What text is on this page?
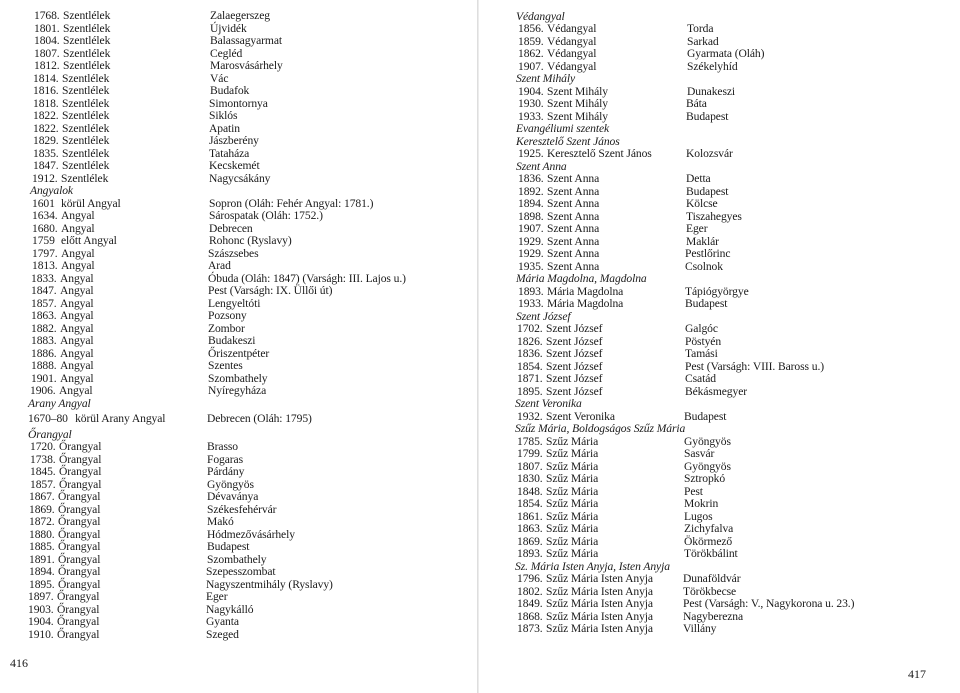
1768. Szentlélek	Zalaegerszeg
1801. Szentlélek	Újvidék
1804. Szentlélek	Balassagyarmat
1807. Szentlélek	Cegléd
1812. Szentlélek	Marosvásárhely
1814. Szentlélek	Vác
1816. Szentlélek	Budafok
1818. Szentlélek	Simontornya
1822. Szentlélek	Siklós
1822. Szentlélek	Apatin
1829. Szentlélek	Jászberény
1835. Szentlélek	Tataháza
1847. Szentlélek	Kecskemét
1912. Szentlélek	Nagycsákány
Angyalok
1601 körül Angyal	Sopron (Oláh: Fehér Angyal: 1781.)
1634. Angyal	Sárospatak (Oláh: 1752.)
1680. Angyal	Debrecen
1759 előtt Angyal	Rohonc (Ryslavy)
1797. Angyal	Szászsebes
1813. Angyal	Arad
1833. Angyal	Óbuda (Oláh: 1847) (Varságh: III. Lajos u.)
1847. Angyal	Pest (Varságh: IX. Üllői út)
1857. Angyal	Lengyeltóti
1863. Angyal	Pozsony
1882. Angyal	Zombor
1883. Angyal	Budakeszi
1886. Angyal	Őriszentpéter
1888. Angyal	Szentes
1901. Angyal	Szombathely
1906. Angyal	Nyíregyháza
Arany Angyal
1670–80 körül Arany Angyal	Debrecen (Oláh: 1795)
Őrangyal
1720. Őrangyal	Brasso
1738. Őrangyal	Fogaras
1845. Őrangyal	Párdány
1857. Őrangyal	Gyöngyös
1867. Őrangyal	Dévaványa
1869. Őrangyal	Székesfehérvár
1872. Őrangyal	Makó
1880. Őrangyal	Hódmezővásárhely
1885. Őrangyal	Budapest
1891. Őrangyal	Szombathely
1894. Őrangyal	Szepesszombat
1895. Őrangyal	Nagyszentmihály (Ryslavy)
1897. Őrangyal	Eger
1903. Őrangyal	Nagykálló
1904. Őrangyal	Gyanta
1910. Őrangyal	Szeged
416
Védangyal
1856. Védangyal	Torda
1859. Védangyal	Sarkad
1862. Védangyal	Gyarmata (Oláh)
1907. Védangyal	Székelyhíd
Szent Mihály
1904. Szent Mihály	Dunakeszi
1930. Szent Mihály	Báta
1933. Szent Mihály	Budapest
Evangéliumi szentek
Keresztelő Szent János
1925. Keresztelő Szent János	Kolozsvár
Szent Anna
1836. Szent Anna	Detta
1892. Szent Anna	Budapest
1894. Szent Anna	Kölcse
1898. Szent Anna	Tiszahegyes
1907. Szent Anna	Eger
1929. Szent Anna	Maklár
1929. Szent Anna	Pestlőrinc
1935. Szent Anna	Csolnok
Mária Magdolna, Magdolna
1893. Mária Magdolna	Tápiógyörgye
1933. Mária Magdolna	Budapest
Szent József
1702. Szent József	Galgóc
1826. Szent József	Pöstyén
1836. Szent József	Tamási
1854. Szent József	Pest (Varságh: VIII. Baross u.)
1871. Szent József	Csatád
1895. Szent József	Békásmegyer
Szent Veronika
1932. Szent Veronika	Budapest
Szűz Mária, Boldogságos Szűz Mária
1785. Szűz Mária	Gyöngyös
1799. Szűz Mária	Sasvár
1807. Szűz Mária	Gyöngyös
1830. Szűz Mária	Sztropkó
1848. Szűz Mária	Pest
1854. Szűz Mária	Mokrin
1861. Szűz Mária	Lugos
1863. Szűz Mária	Zichyfalva
1869. Szűz Mária	Ökörmező
1893. Szűz Mária	Törökbálint
Sz. Mária Isten Anyja, Isten Anyja
1796. Szűz Mária Isten Anyja	Dunaföldvár
1802. Szűz Mária Isten Anyja	Törökbecse
1849. Szűz Mária Isten Anyja	Pest (Varságh: V., Nagykorona u. 23.)
1868. Szűz Mária Isten Anyja	Nagyberezna
1873. Szűz Mária Isten Anyja	Villány
417
